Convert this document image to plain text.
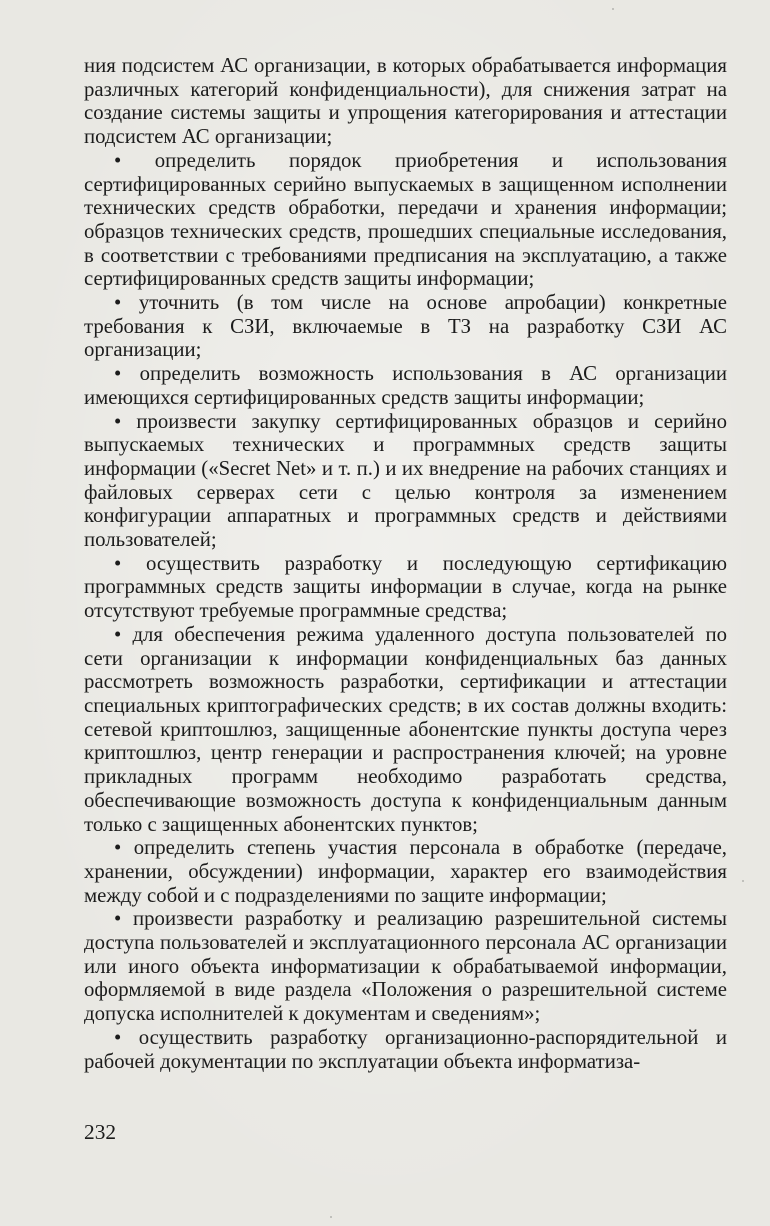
ния подсистем АС организации, в которых обрабатывается информация различных категорий конфиденциальности), для снижения затрат на создание системы защиты и упрощения категорирования и аттестации подсистем АС организации;

• определить порядок приобретения и использования сертифицированных серийно выпускаемых в защищенном исполнении технических средств обработки, передачи и хранения информации; образцов технических средств, прошедших специальные исследования, в соответствии с требованиями предписания на эксплуатацию, а также сертифицированных средств защиты информации;

• уточнить (в том числе на основе апробации) конкретные требования к СЗИ, включаемые в ТЗ на разработку СЗИ АС организации;

• определить возможность использования в АС организации имеющихся сертифицированных средств защиты информации;

• произвести закупку сертифицированных образцов и серийно выпускаемых технических и программных средств защиты информации («Secret Net» и т. п.) и их внедрение на рабочих станциях и файловых серверах сети с целью контроля за изменением конфигурации аппаратных и программных средств и действиями пользователей;

• осуществить разработку и последующую сертификацию программных средств защиты информации в случае, когда на рынке отсутствуют требуемые программные средства;

• для обеспечения режима удаленного доступа пользователей по сети организации к информации конфиденциальных баз данных рассмотреть возможность разработки, сертификации и аттестации специальных криптографических средств; в их состав должны входить: сетевой криптошлюз, защищенные абонентские пункты доступа через криптошлюз, центр генерации и распространения ключей; на уровне прикладных программ необходимо разработать средства, обеспечивающие возможность доступа к конфиденциальным данным только с защищенных абонентских пунктов;

• определить степень участия персонала в обработке (передаче, хранении, обсуждении) информации, характер его взаимодействия между собой и с подразделениями по защите информации;

• произвести разработку и реализацию разрешительной системы доступа пользователей и эксплуатационного персонала АС организации или иного объекта информатизации к обрабатываемой информации, оформляемой в виде раздела «Положения о разрешительной системе допуска исполнителей к документам и сведениям»;

• осуществить разработку организационно-распорядительной и рабочей документации по эксплуатации объекта информатиза-

232
